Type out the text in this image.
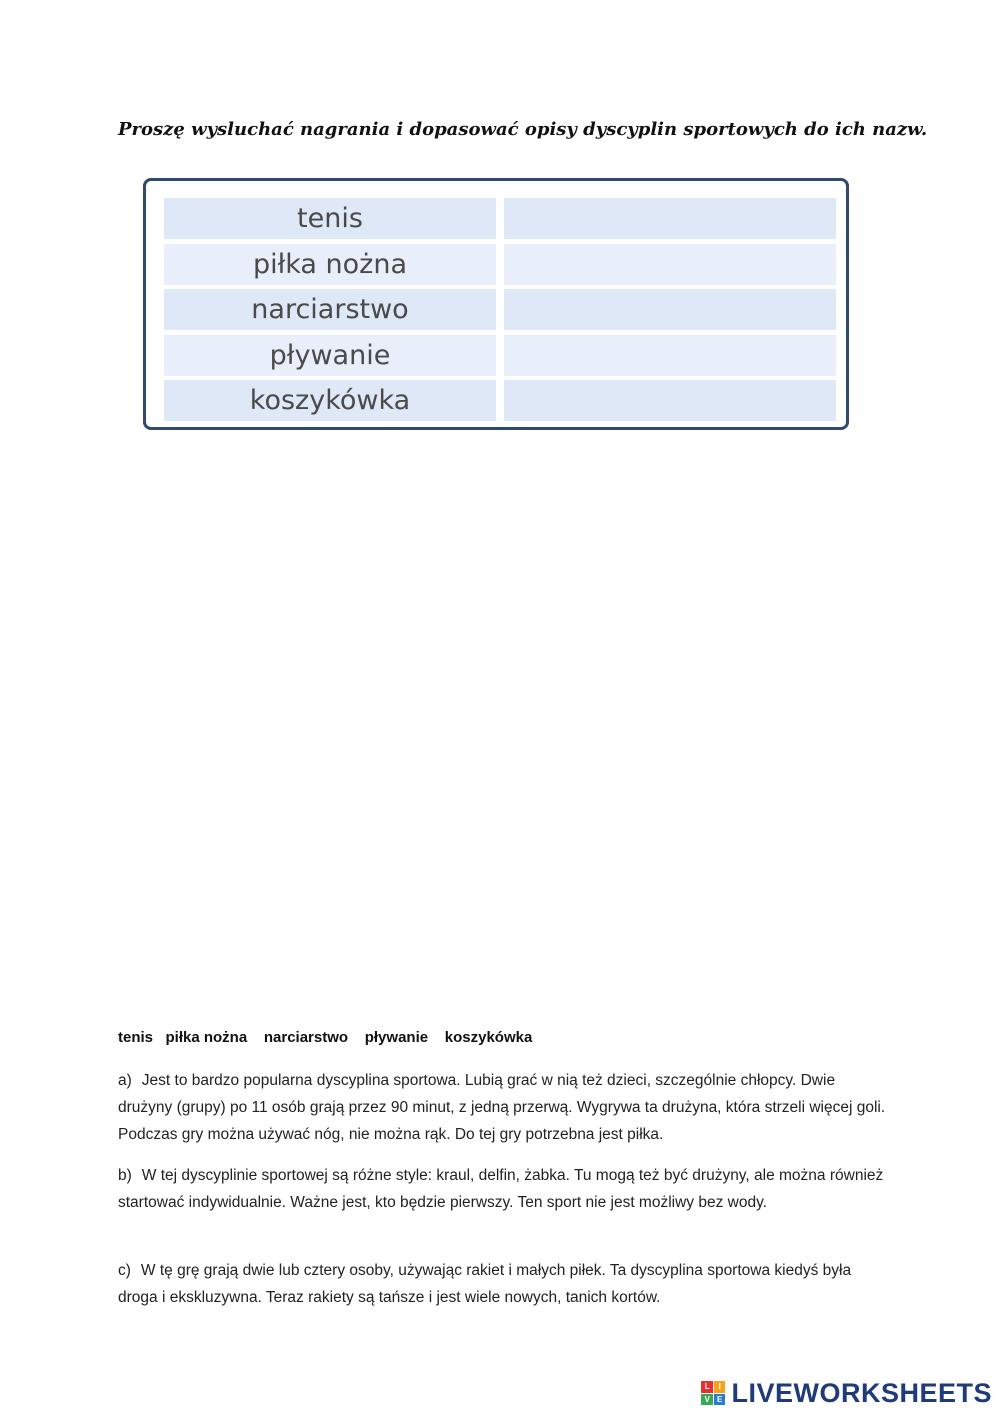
Proszę wysluchać nagrania i dopasować opisy dyscyplin sportowych do ich nazw.
tenis
piłka nożna
narciarstwo
pływanie
koszykówka
tenis   piłka nożna    narciarstwo    pływanie    koszykówka
a) Jest to bardzo popularna dyscyplina sportowa. Lubią grać w nią też dzieci, szczególnie chłopcy. Dwie drużyny (grupy) po 11 osób grają przez 90 minut, z jedną przerwą. Wygrywa ta drużyna, która strzeli więcej goli. Podczas gry można używać nóg, nie można rąk. Do tej gry potrzebna jest piłka.
b) W tej dyscyplinie sportowej są różne style: kraul, delfin, żabka. Tu mogą też być drużyny, ale można również startować indywidualnie. Ważne jest, kto będzie pierwszy. Ten sport nie jest możliwy bez wody.
c) W tę grę grają dwie lub cztery osoby, używając rakiet i małych piłek. Ta dyscyplina sportowa kiedyś była droga i ekskluzywna. Teraz rakiety są tańsze i jest wiele nowych, tanich kortów.
L	I
V E LIVEWORKSHEETS
